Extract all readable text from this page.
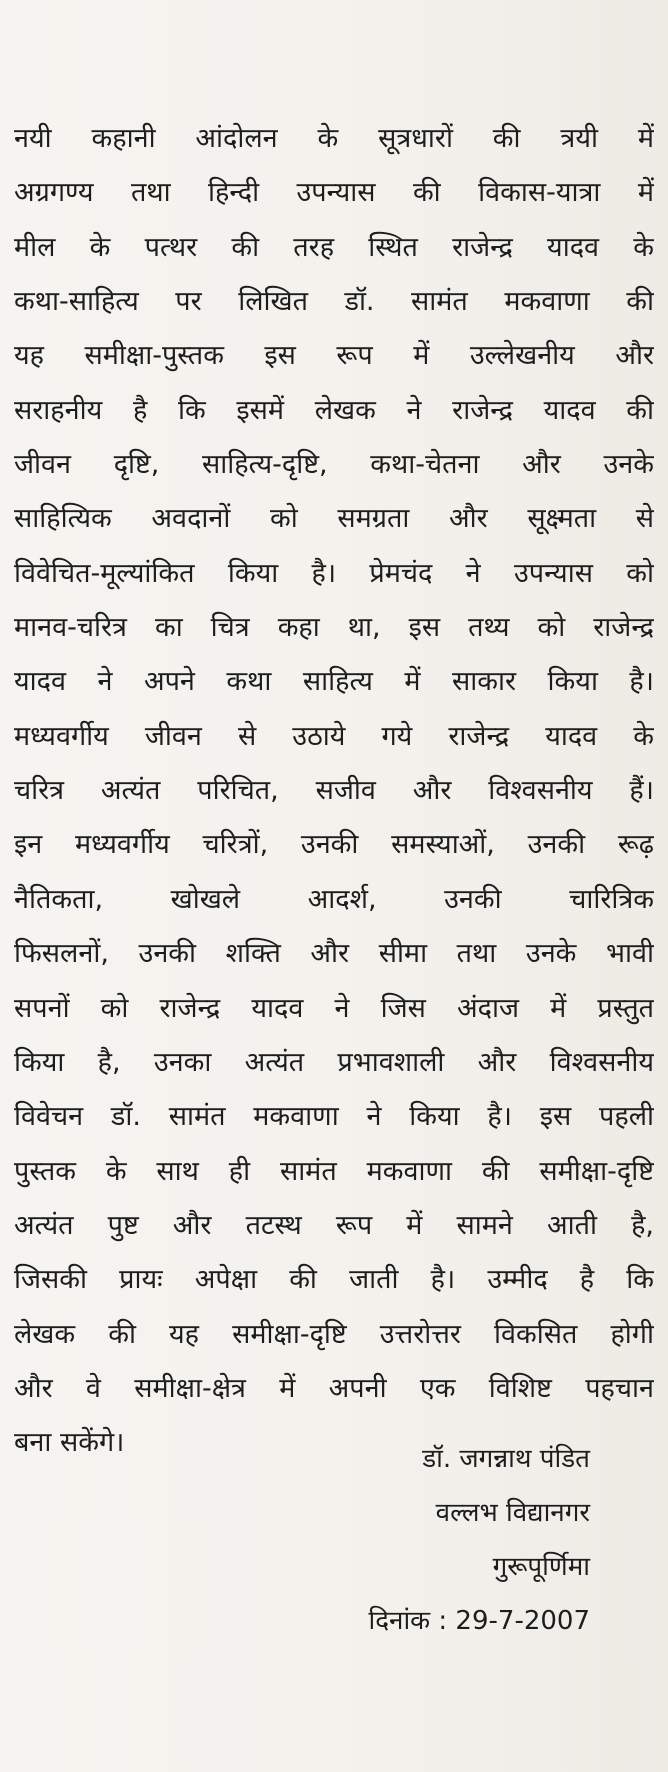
नयी कहानी आंदोलन के सूत्रधारों की त्रयी में
अग्रगण्य तथा हिन्दी उपन्यास की विकास-यात्रा में
मील के पत्थर की तरह स्थित राजेन्द्र यादव के
कथा-साहित्य पर लिखित डॉ. सामंत मकवाणा की
यह समीक्षा-पुस्तक इस रूप में उल्लेखनीय और
सराहनीय है कि इसमें लेखक ने राजेन्द्र यादव की
जीवन दृष्टि, साहित्य-दृष्टि, कथा-चेतना और उनके
साहित्यिक अवदानों को समग्रता और सूक्ष्मता से
विवेचित-मूल्यांकित किया है। प्रेमचंद ने उपन्यास को
मानव-चरित्र का चित्र कहा था, इस तथ्य को राजेन्द्र
यादव ने अपने कथा साहित्य में साकार किया है।
मध्यवर्गीय जीवन से उठाये गये राजेन्द्र यादव के
चरित्र अत्यंत परिचित, सजीव और विश्वसनीय हैं।
इन मध्यवर्गीय चरित्रों, उनकी समस्याओं, उनकी रूढ़
नैतिकता, खोखले आदर्श, उनकी चारित्रिक
फिसलनों, उनकी शक्ति और सीमा तथा उनके भावी
सपनों को राजेन्द्र यादव ने जिस अंदाज में प्रस्तुत
किया है, उनका अत्यंत प्रभावशाली और विश्वसनीय
विवेचन डॉ. सामंत मकवाणा ने किया है। इस पहली
पुस्तक के साथ ही सामंत मकवाणा की समीक्षा-दृष्टि
अत्यंत पुष्ट और तटस्थ रूप में सामने आती है,
जिसकी प्रायः अपेक्षा की जाती है। उम्मीद है कि
लेखक की यह समीक्षा-दृष्टि उत्तरोत्तर विकसित होगी
और वे समीक्षा-क्षेत्र में अपनी एक विशिष्ट पहचान
बना सकेंगे।
डॉ. जगन्नाथ पंडित
वल्लभ विद्यानगर
गुरूपूर्णिमा
दिनांक : 29-7-2007
